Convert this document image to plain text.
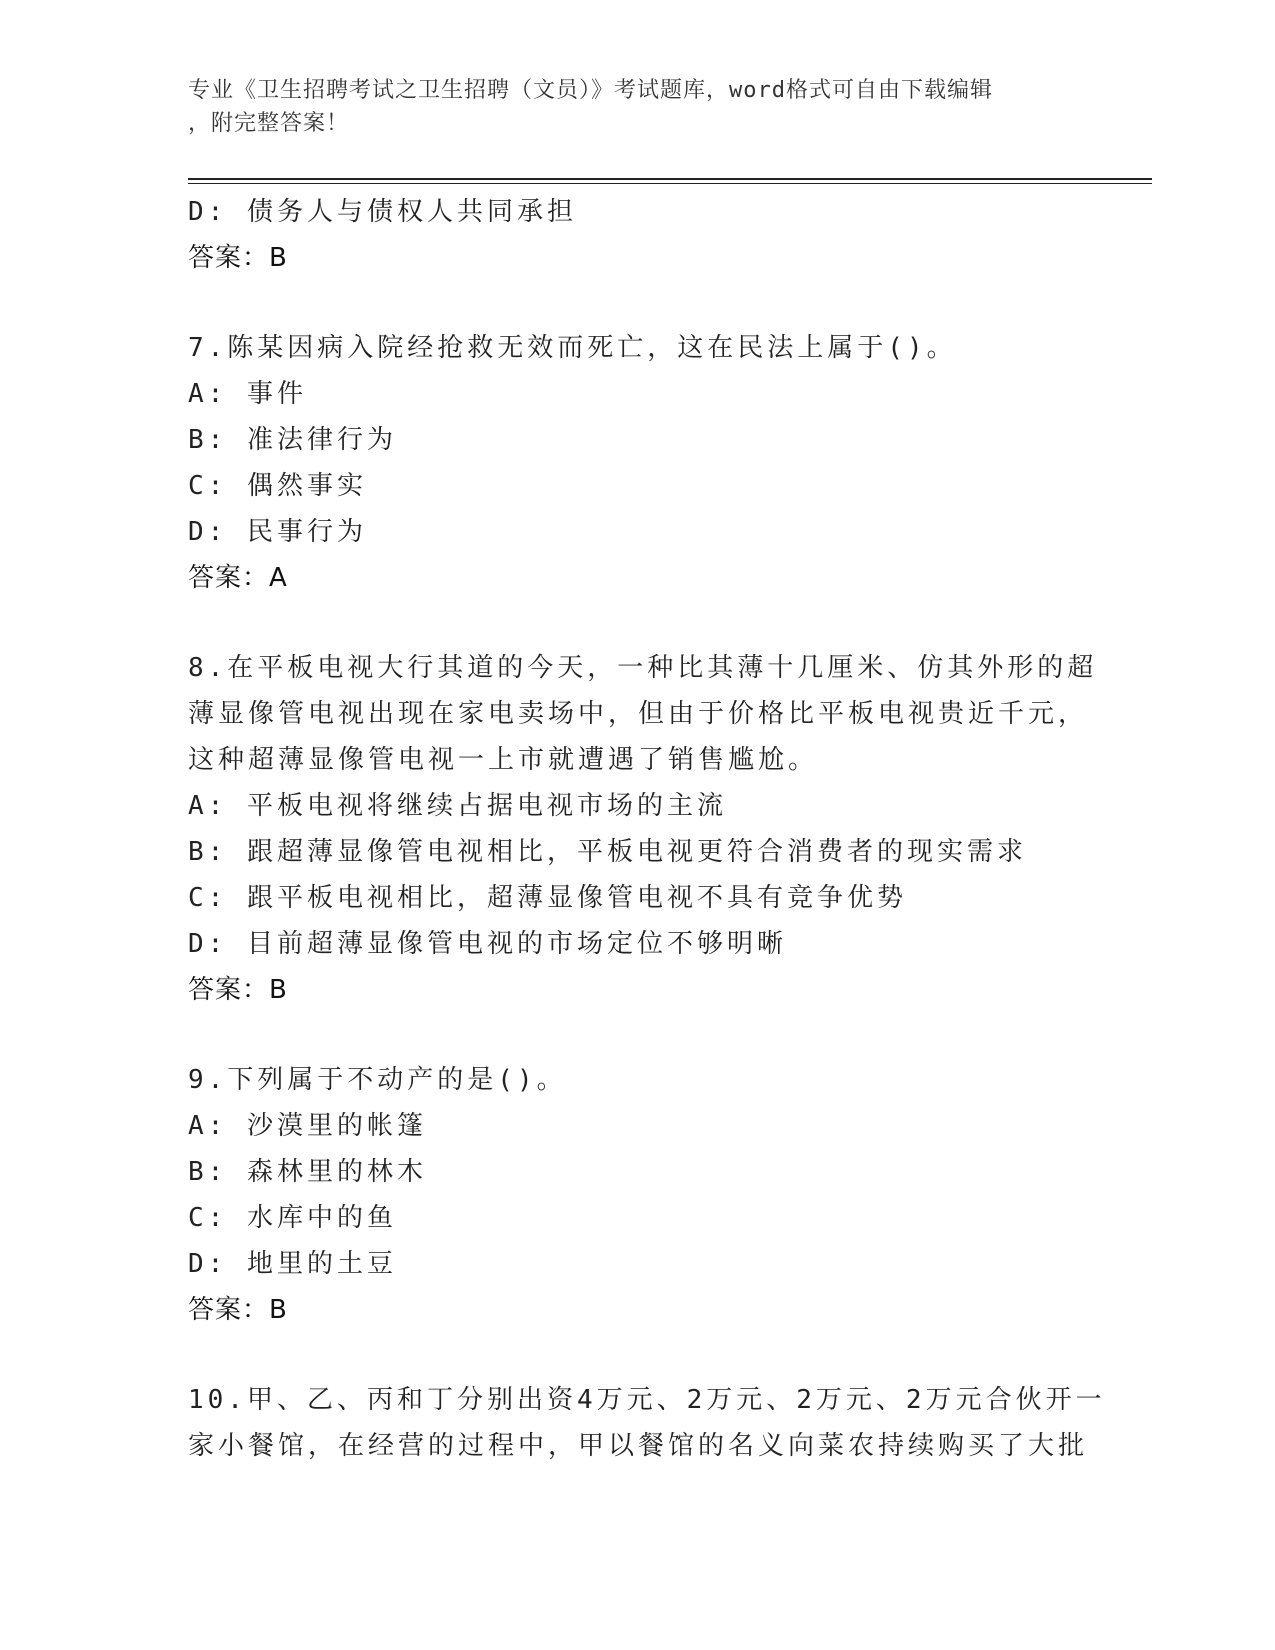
专业《卫生招聘考试之卫生招聘（文员）》考试题库，word格式可自由下载编辑
，附完整答案！
D: 债务人与债权人共同承担
答案：B
7.陈某因病入院经抢救无效而死亡，这在民法上属于()。
A: 事件
B: 准法律行为
C: 偶然事实
D: 民事行为
答案：A
8.在平板电视大行其道的今天，一种比其薄十几厘米、仿其外形的超
薄显像管电视出现在家电卖场中，但由于价格比平板电视贵近千元，
这种超薄显像管电视一上市就遭遇了销售尴尬。
A: 平板电视将继续占据电视市场的主流
B: 跟超薄显像管电视相比，平板电视更符合消费者的现实需求
C: 跟平板电视相比，超薄显像管电视不具有竞争优势
D: 目前超薄显像管电视的市场定位不够明晰
答案：B
9.下列属于不动产的是()。
A: 沙漠里的帐篷
B: 森林里的林木
C: 水库中的鱼
D: 地里的土豆
答案：B
10.甲、乙、丙和丁分别出资4万元、2万元、2万元、2万元合伙开一
家小餐馆，在经营的过程中，甲以餐馆的名义向菜农持续购买了大批
